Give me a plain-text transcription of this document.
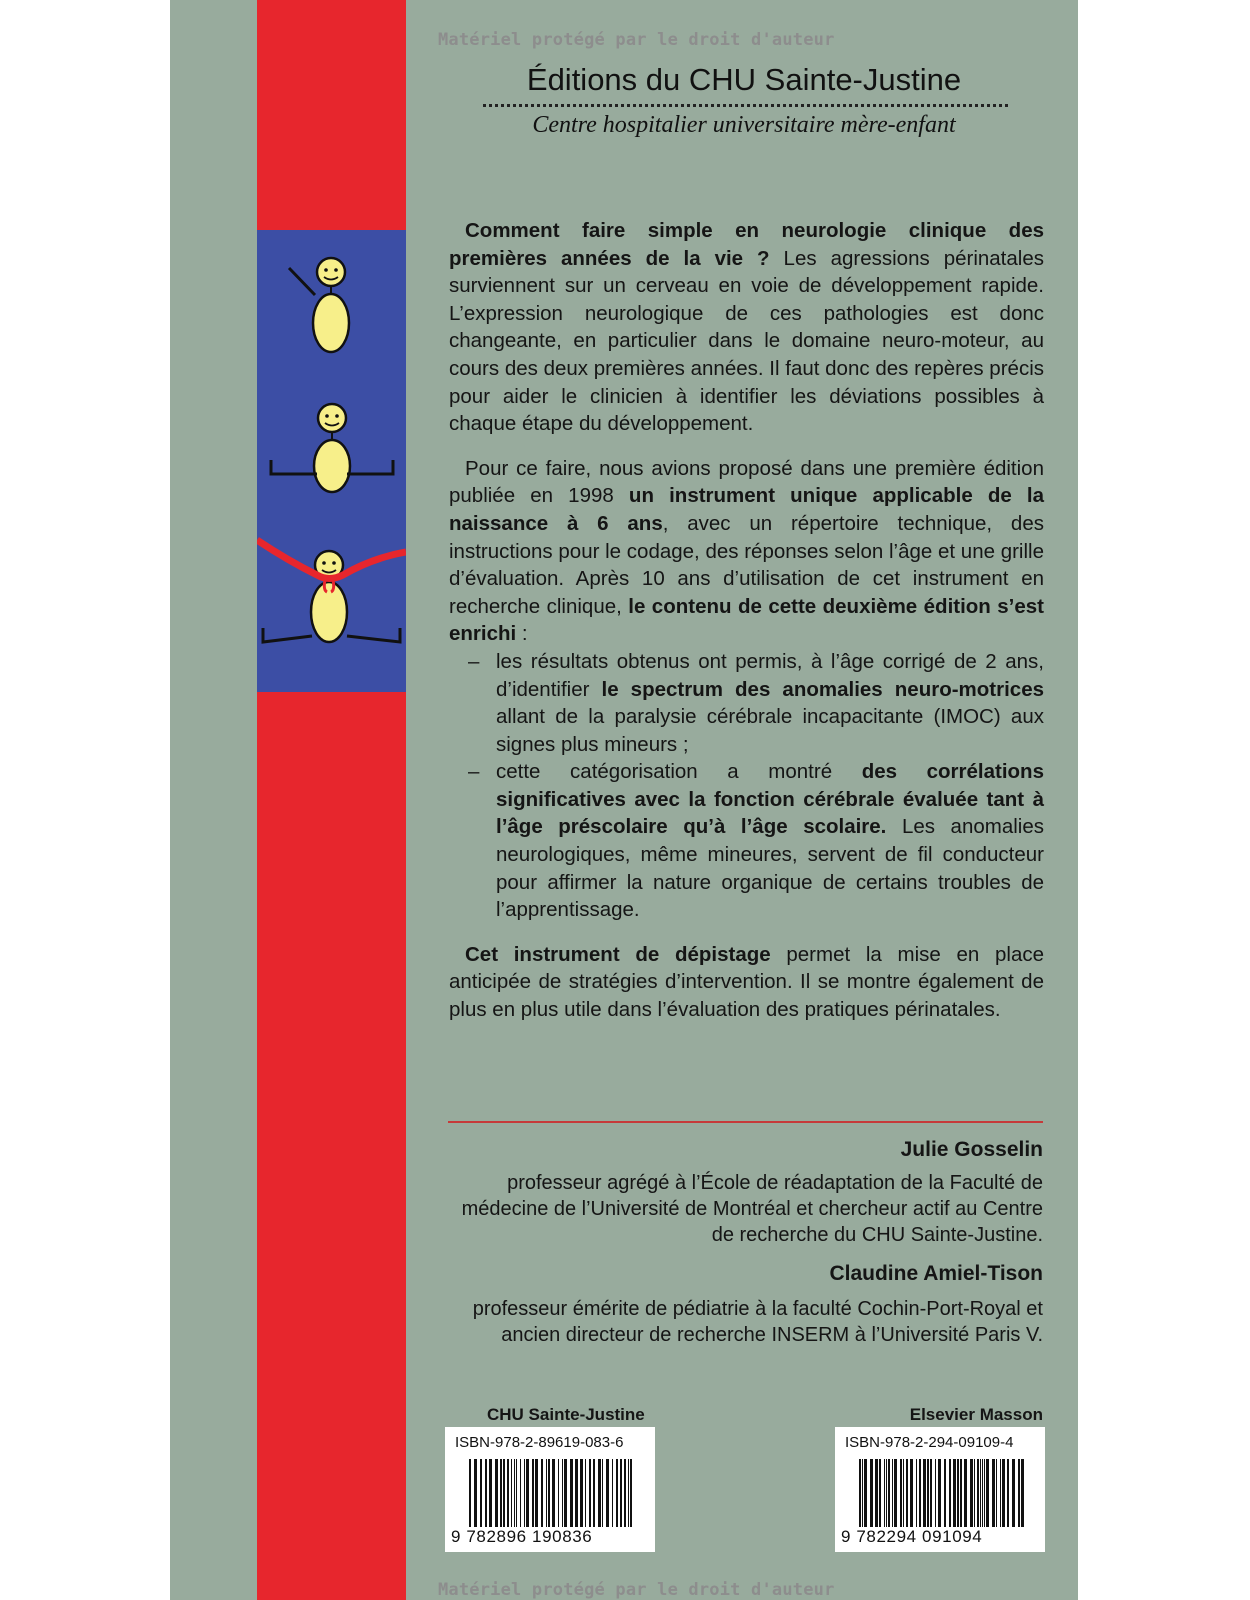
Matériel protégé par le droit d'auteur
Éditions du CHU Sainte-Justine
Centre hospitalier universitaire mère-enfant

Comment faire simple en neurologie clinique des premières années de la vie ? Les agressions périnatales surviennent sur un cerveau en voie de développement rapide. L’expression neurologique de ces pathologies est donc changeante, en particulier dans le domaine neuro-moteur, au cours des deux premières années. Il faut donc des repères précis pour aider le clinicien à identifier les déviations possibles à chaque étape du développement.

Pour ce faire, nous avions proposé dans une première édition publiée en 1998 un instrument unique applicable de la naissance à 6 ans, avec un répertoire technique, des instructions pour le codage, des réponses selon l’âge et une grille d’évaluation. Après 10 ans d’utilisation de cet instrument en recherche clinique, le contenu de cette deuxième édition s’est enrichi :

– les résultats obtenus ont permis, à l’âge corrigé de 2 ans, d’identifier le spectrum des anomalies neuro-motrices allant de la paralysie cérébrale incapacitante (IMOC) aux signes plus mineurs ;
– cette catégorisation a montré des corrélations significatives avec la fonction cérébrale évaluée tant à l’âge préscolaire qu’à l’âge scolaire. Les anomalies neurologiques, même mineures, servent de fil conducteur pour affirmer la nature organique de certains troubles de l’apprentissage.

Cet instrument de dépistage permet la mise en place anticipée de stratégies d’intervention. Il se montre également de plus en plus utile dans l’évaluation des pratiques périnatales.

Julie Gosselin
professeur agrégé à l’École de réadaptation de la Faculté de médecine de l’Université de Montréal et chercheur actif au Centre de recherche du CHU Sainte-Justine.
Claudine Amiel-Tison
professeur émérite de pédiatrie à la faculté Cochin-Port-Royal et ancien directeur de recherche INSERM à l’Université Paris V.
CHU Sainte-Justine	Elsevier Masson
ISBN-978-2-89619-083-6
9 782896 190836
ISBN-978-2-294-09109-4
9 782294 091094
Matériel protégé par le droit d'auteur
